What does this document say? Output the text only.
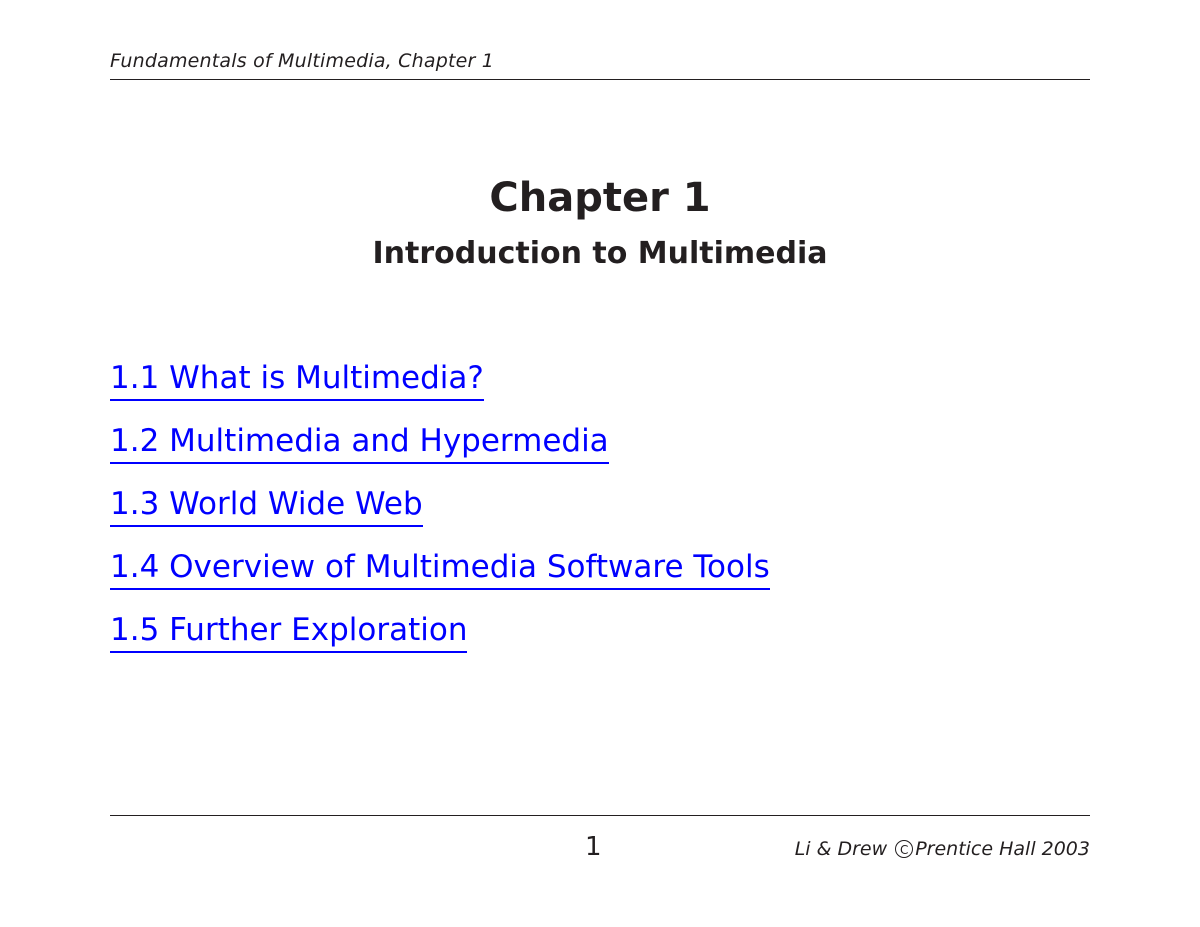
Fundamentals of Multimedia, Chapter 1
Chapter 1
Introduction to Multimedia
1.1 What is Multimedia?
1.2 Multimedia and Hypermedia
1.3 World Wide Web
1.4 Overview of Multimedia Software Tools
1.5 Further Exploration
1	Li & Drew C Prentice Hall 2003
